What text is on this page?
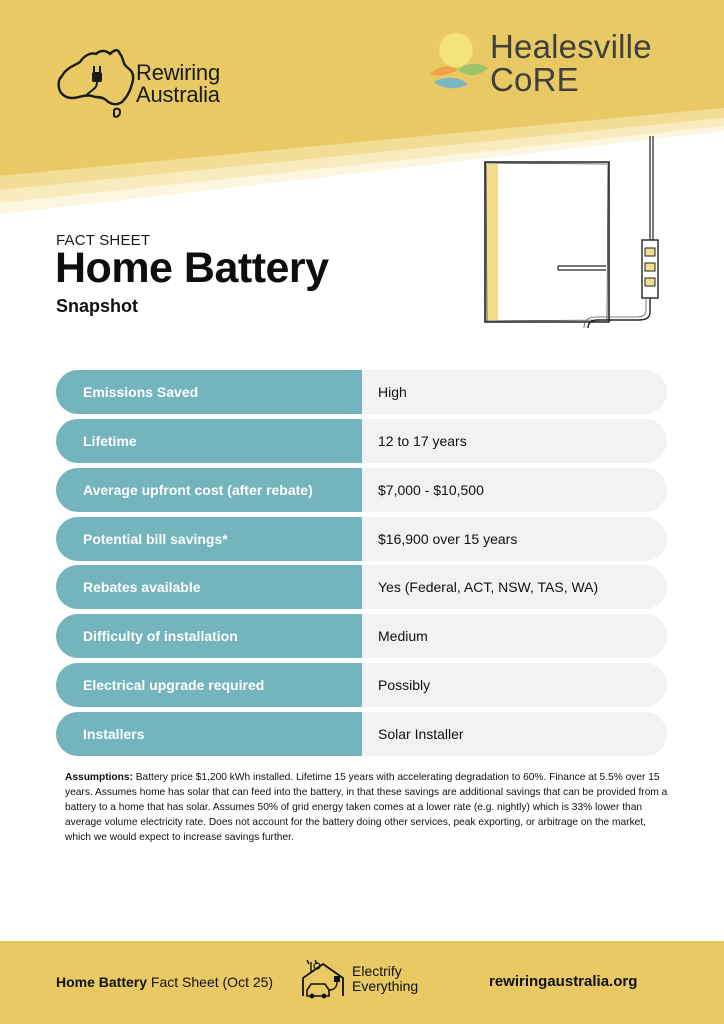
Rewiring
Australia
Healesville
CoRE
FACT SHEET
Home Battery
Snapshot
Emissions Saved	High
Lifetime	12 to 17 years
Average upfront cost (after rebate)	$7,000 - $10,500
Potential bill savings*	$16,900 over 15 years
Rebates available	Yes (Federal, ACT, NSW, TAS, WA)
Difficulty of installation	Medium
Electrical upgrade required	Possibly
Installers	Solar Installer

Assumptions: Battery price $1,200 kWh installed. Lifetime 15 years with accelerating degradation to 60%. Finance at 5.5% over 15 years. Assumes home has solar that can feed into the battery, in that these savings are additional savings that can be provided from a battery to a home that has solar. Assumes 50% of grid energy taken comes at a lower rate (e.g. nightly) which is 33% lower than average volume electricity rate. Does not account for the battery doing other services, peak exporting, or arbitrage on the market, which we would expect to increase savings further.

Home Battery Fact Sheet (Oct 25)
Electrify
Everything	rewiringaustralia.org
